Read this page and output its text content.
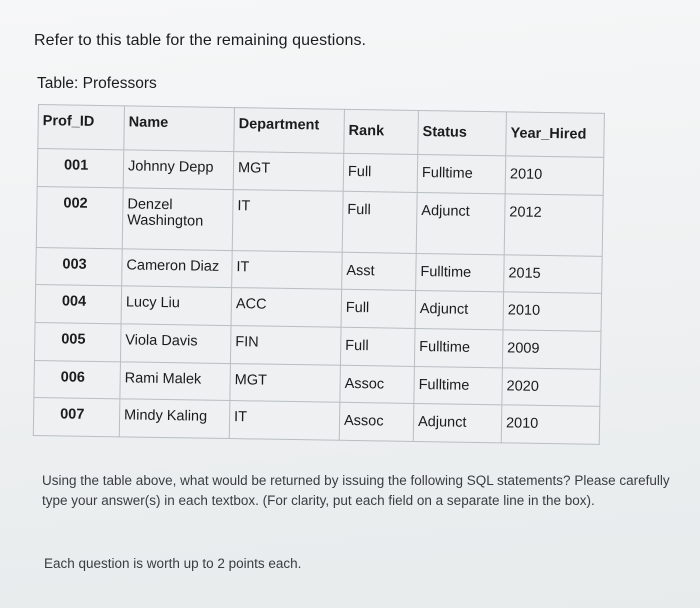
Refer to this table for the remaining questions.
Table: Professors
Prof_ID	Name	Department	Rank	Status	Year_Hired
001	Johnny Depp	MGT	Full	Fulltime	2010
002	Denzel Washington	IT	Full	Adjunct	2012
003	Cameron Diaz	IT	Asst	Fulltime	2015
004	Lucy Liu	ACC	Full	Adjunct	2010
005	Viola Davis	FIN	Full	Fulltime	2009
006	Rami Malek	MGT	Assoc	Fulltime	2020
007	Mindy Kaling	IT	Assoc	Adjunct	2010
Using the table above, what would be returned by issuing the following SQL statements? Please carefully type your answer(s) in each textbox. (For clarity, put each field on a separate line in the box).
Each question is worth up to 2 points each.
